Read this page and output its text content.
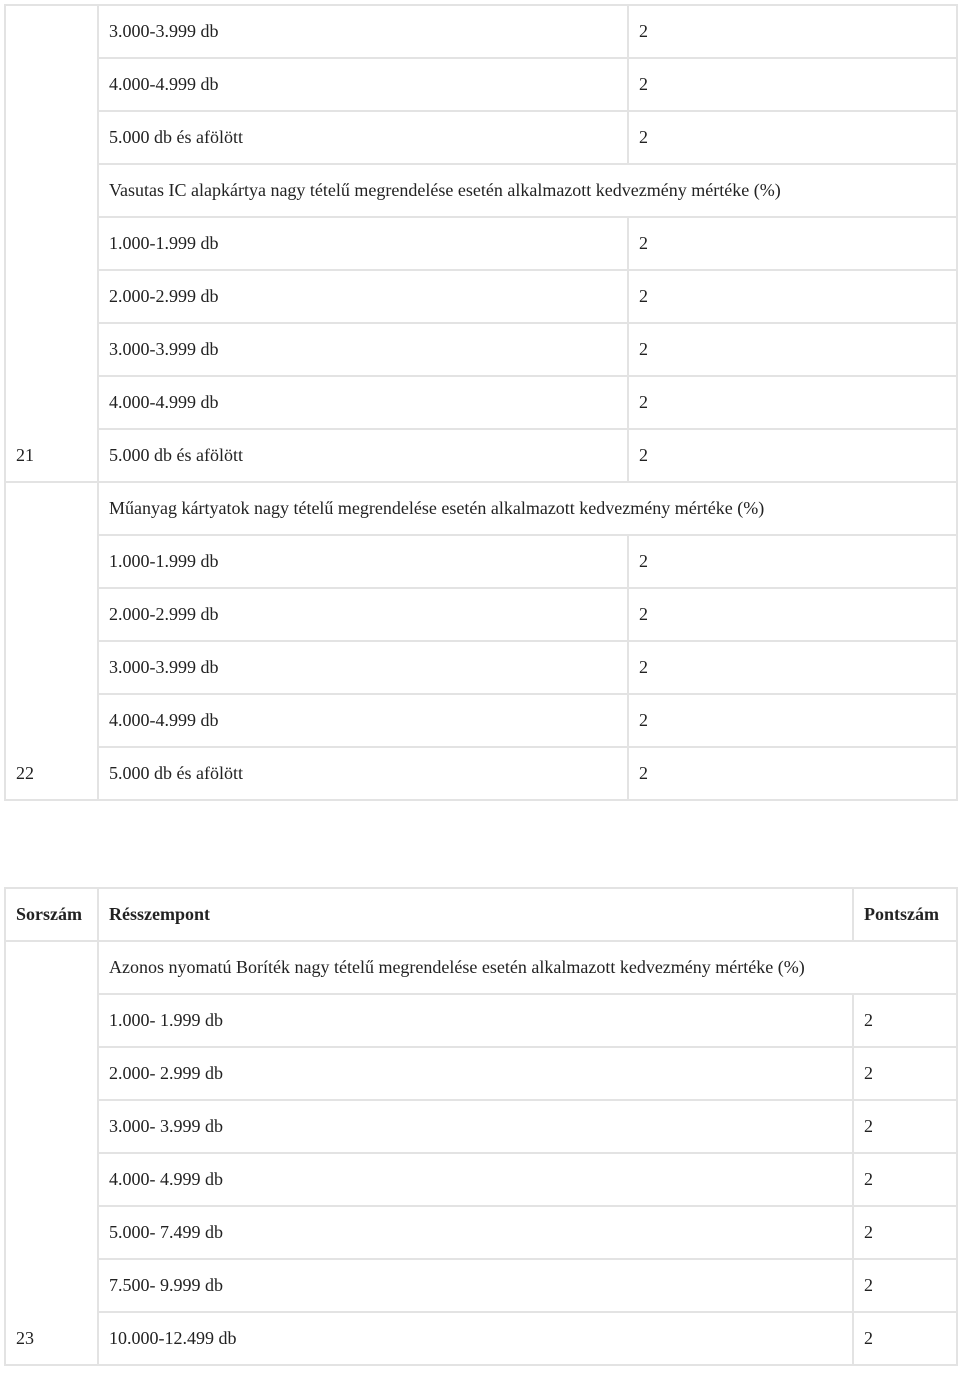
21	3.000-3.999 db	2
	4.000-4.999 db	2
	5.000 db és afölött	2
	Vasutas IC alapkártya nagy tételű megrendelése esetén alkalmazott kedvezmény mértéke (%)	
	1.000-1.999 db	2
	2.000-2.999 db	2
	3.000-3.999 db	2
	4.000-4.999 db	2
	5.000 db és afölött	2
22	Műanyag kártyatok nagy tételű megrendelése esetén alkalmazott kedvezmény mértéke (%)	
	1.000-1.999 db	2
	2.000-2.999 db	2
	3.000-3.999 db	2
	4.000-4.999 db	2
	5.000 db és afölött	2
Sorszám	Résszempont	Pontszám
23	Azonos nyomatú Boríték nagy tételű megrendelése esetén alkalmazott kedvezmény mértéke (%)	
	1.000- 1.999 db	2
	2.000- 2.999 db	2
	3.000- 3.999 db	2
	4.000- 4.999 db	2
	5.000- 7.499 db	2
	7.500- 9.999 db	2
	10.000-12.499 db	2
